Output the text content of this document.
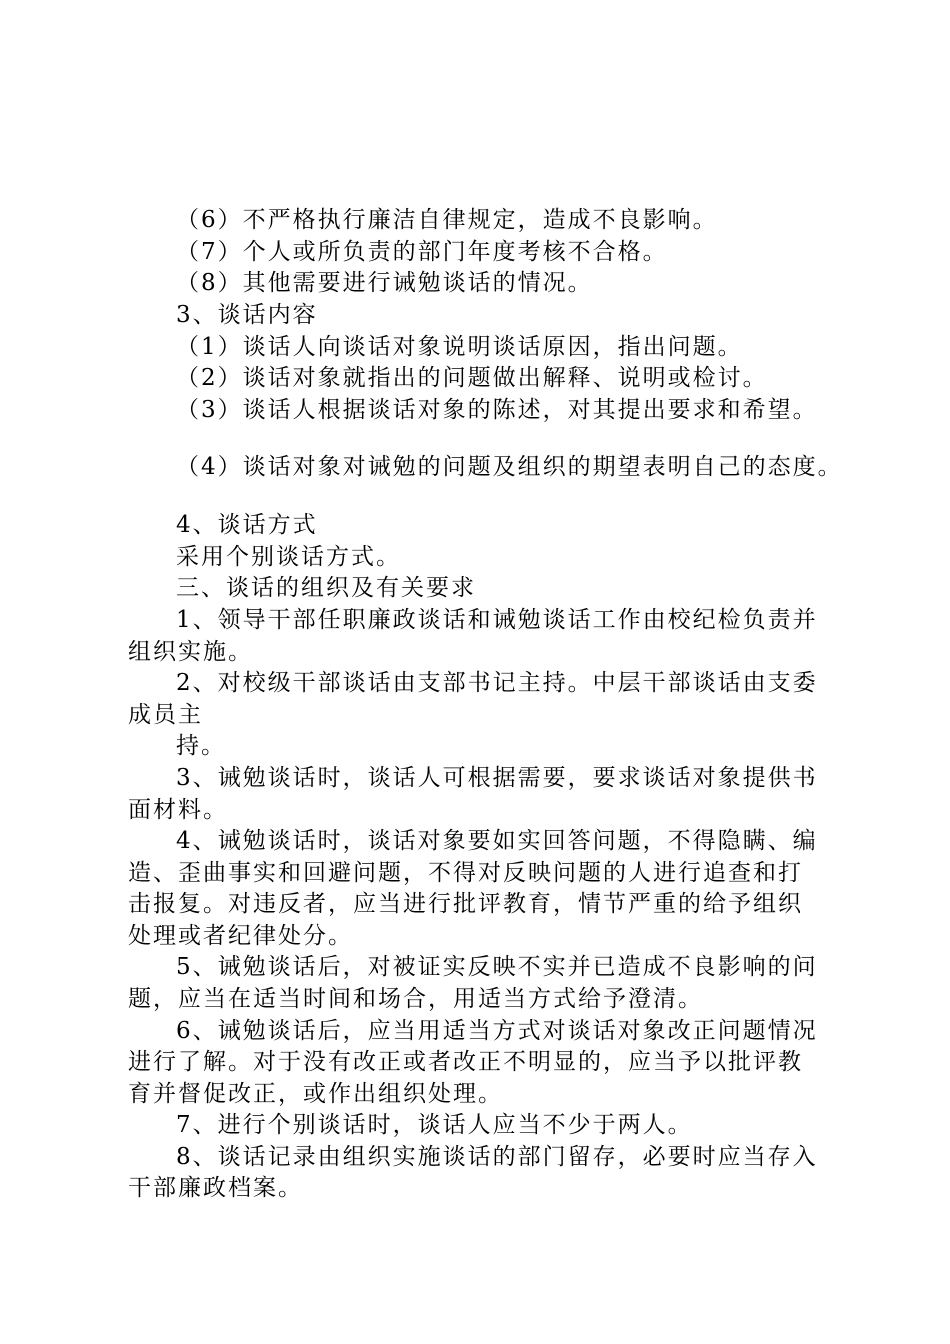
（6）不严格执行廉洁自律规定，造成不良影响。
（7）个人或所负责的部门年度考核不合格。
（8）其他需要进行诫勉谈话的情况。
3、谈话内容
（1）谈话人向谈话对象说明谈话原因，指出问题。
（2）谈话对象就指出的问题做出解释、说明或检讨。
（3）谈话人根据谈话对象的陈述，对其提出要求和希望。
（4）谈话对象对诫勉的问题及组织的期望表明自己的态度。
4、谈话方式
采用个别谈话方式。
三、谈话的组织及有关要求
1、领导干部任职廉政谈话和诫勉谈话工作由校纪检负责并
组织实施。
2、对校级干部谈话由支部书记主持。中层干部谈话由支委
成员主
持。
3、诫勉谈话时，谈话人可根据需要，要求谈话对象提供书
面材料。
4、诫勉谈话时，谈话对象要如实回答问题，不得隐瞒、编
造、歪曲事实和回避问题，不得对反映问题的人进行追查和打
击报复。对违反者，应当进行批评教育，情节严重的给予组织
处理或者纪律处分。
5、诫勉谈话后，对被证实反映不实并已造成不良影响的问
题，应当在适当时间和场合，用适当方式给予澄清。
6、诫勉谈话后，应当用适当方式对谈话对象改正问题情况
进行了解。对于没有改正或者改正不明显的，应当予以批评教
育并督促改正，或作出组织处理。
7、进行个别谈话时，谈话人应当不少于两人。
8、谈话记录由组织实施谈话的部门留存，必要时应当存入
干部廉政档案。
